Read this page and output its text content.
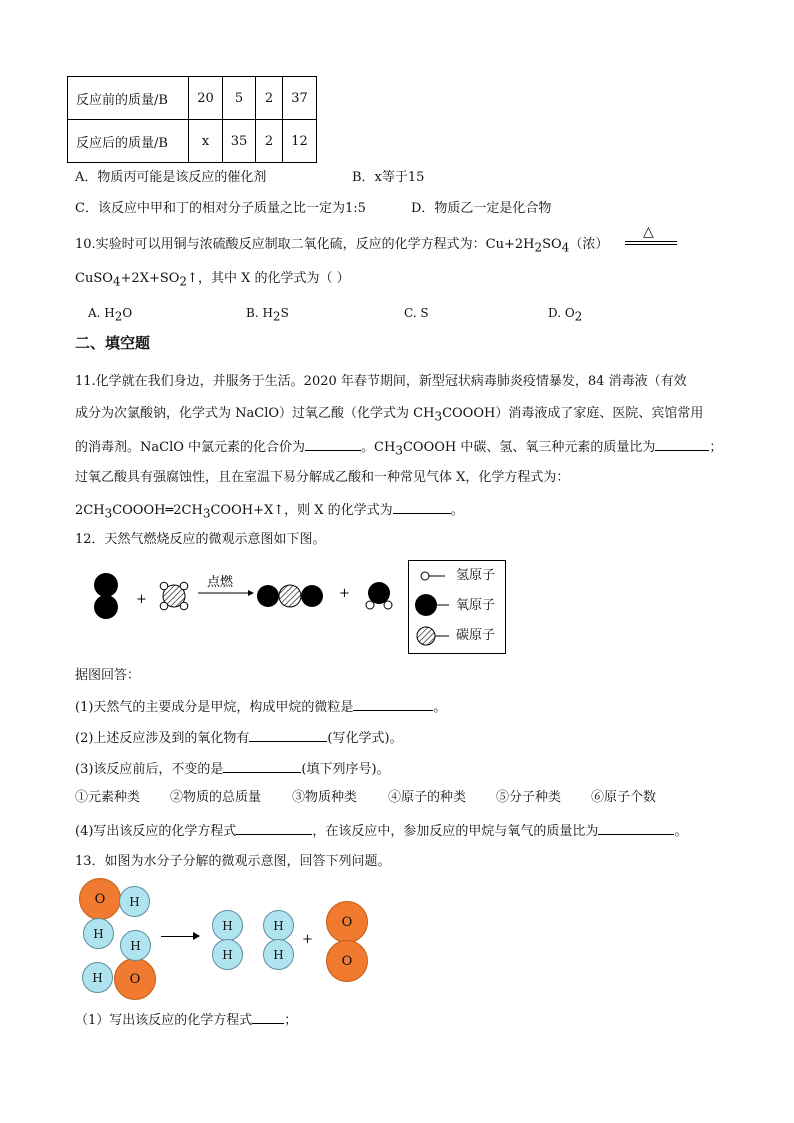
反应前的质量/B	20	5	2	37
反应后的质量/B	x	35	2	12
A．物质丙可能是该反应的催化剂	B．x等于15
C．该反应中甲和丁的相对分子质量之比一定为1:5	D．物质乙一定是化合物
10.实验时可以用铜与浓硫酸反应制取二氧化硫，反应的化学方程式为：$Cu+2H_2SO_4$（浓）
△
$CuSO_4+2X+SO_2↑$，其中 X 的化学式为（ ）
A. $H_2O$	B. $H_2S$	C. S	D. $O_2$
二、填空题
11.化学就在我们身边，并服务于生活。2020 年春节期间，新型冠状病毒肺炎疫情暴发，84 消毒液（有效
成分为次氯酸钠，化学式为 NaClO）过氧乙酸（化学式为 $CH_3COOOH$）消毒液成了家庭、医院、宾馆常用
的消毒剂。NaClO 中氯元素的化合价为	。$CH_3COOOH$ 中碳、氢、氧三种元素的质量比为	；
过氧乙酸具有强腐蚀性，且在室温下易分解成乙酸和一种常见气体 X，化学方程式为：
$2CH_3COOOH═2CH_3COOH+X↑$，则 X 的化学式为	。
12．天然气燃烧反应的微观示意图如下图。
+
点燃
+
氢原子
氧原子
碳原子
据图回答：
(1)天然气的主要成分是甲烷，构成甲烷的微粒是	。
(2)上述反应涉及到的氧化物有	(写化学式)。
(3)该反应前后，不变的是	(填下列序号)。
①元素种类 ②物质的总质量 ③物质种类 ④原子的种类 ⑤分子种类 ⑥原子个数
(4)写出该反应的化学方程式	，在该反应中，参加反应的甲烷与氧气的质量比为	。
13．如图为水分子分解的微观示意图，回答下列问题。
O	H
H
O
H
H
H
H
H
H
+
O
O
（1）写出该反应的化学方程式 ；
